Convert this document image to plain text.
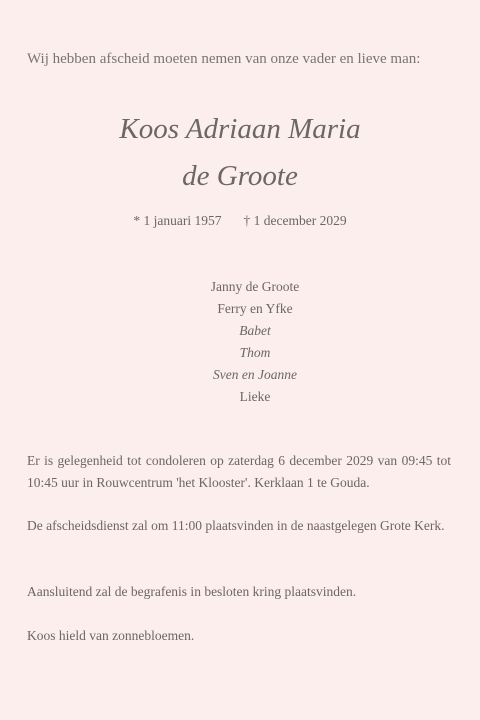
Wij hebben afscheid moeten nemen van onze vader en lieve man:
Koos Adriaan Maria
de Groote
* 1 januari 1957 † 1 december 2029
Janny de Groote
Ferry en Yfke
Babet
Thom
Sven en Joanne
Lieke
Er is gelegenheid tot condoleren op zaterdag 6 december 2029 van 09:45 tot 10:45 uur in Rouwcentrum 'het Klooster'. Kerklaan 1 te Gouda.
De afscheidsdienst zal om 11:00 plaatsvinden in de naastgelegen Grote Kerk.
Aansluitend zal de begrafenis in besloten kring plaatsvinden.
Koos hield van zonnebloemen.
